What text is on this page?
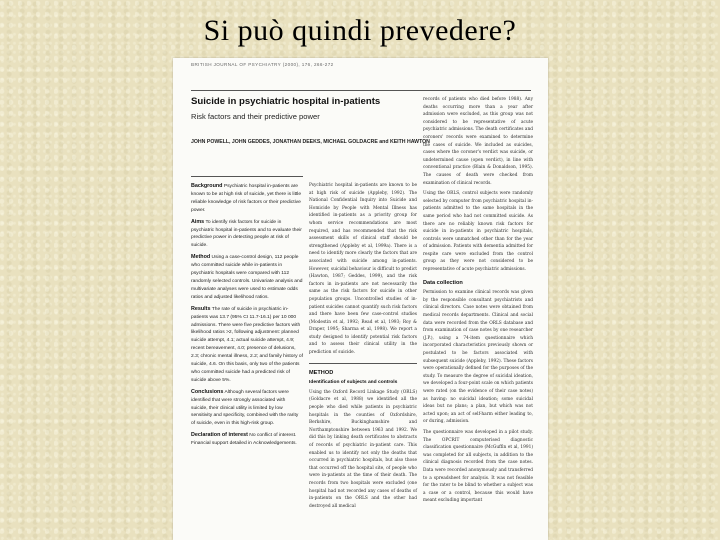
Si può quindi prevedere?
BRITISH JOURNAL OF PSYCHIATRY (2000), 176, 266-272
Suicide in psychiatric hospital in-patients
Risk factors and their predictive power
JOHN POWELL, JOHN GEDDES, JONATHAN DEEKS, MICHAEL GOLDACRE and KEITH HAWTON

Background Psychiatric hospital in-patients are known to be at high risk of suicide, yet there is little reliable knowledge of risk factors or their predictive power.

Aims To identify risk factors for suicide in psychiatric hospital in-patients and to evaluate their predictive power in detecting people at risk of suicide.

Method Using a case-control design, 112 people who committed suicide while in-patients in psychiatric hospitals were compared with 112 randomly selected controls. Univariate analysis and multivariate analyses were used to estimate odds ratios and adjusted likelihood ratios.

Results The rate of suicide in psychiatric in-patients was 13.7 (95% CI 11.7-16.1) per 10 000 admissions. There were five predictive factors with likelihood ratios >2, following adjustment: planned suicide attempt, 4.1; actual suicide attempt, 4.9; recent bereavement, 4.0; presence of delusions, 2.3; chronic mental illness, 2.2; and family history of suicide, 4.6. On this basis, only two of the patients who committed suicide had a predicted risk of suicide above 5%.

Conclusions Although several factors were identified that were strongly associated with suicide, their clinical utility is limited by low sensitivity and specificity, combined with the rarity of suicide, even in this high-risk group.

Declaration of interest No conflict of interest. Financial support detailed in Acknowledgements.

Psychiatric hospital in-patients are known to be at high risk of suicide (Appleby, 1992). The National Confidential Inquiry into Suicide and Homicide by People with Mental Illness has identified in-patients as a priority group for whom service recommendations are most required, and has recommended that the risk assessment skills of clinical staff should be strengthened (Appleby et al, 1999a). There is a need to identify more clearly the factors that are associated with suicide among in-patients. However, suicidal behaviour is difficult to predict (Hawton, 1987; Geddes, 1999), and the risk factors in in-patients are not necessarily the same as the risk factors for suicide in other population groups. Uncontrolled studies of in-patient suicides cannot quantify such risk factors and there have been few case-control studies (Modestin et al, 1992; Read et al, 1993; Roy & Draper, 1995; Sharma et al, 1998). We report a study designed to identify potential risk factors and to assess their clinical utility in the prediction of suicide.

METHOD
Identification of subjects and controls

Using the Oxford Record Linkage Study (ORLS) (Goldacre et al, 1988) we identified all the people who died while patients in psychiatric hospitals in the counties of Oxfordshire, Berkshire, Buckinghamshire and Northamptonshire between 1963 and 1992. We did this by linking death certificates to abstracts of records of psychiatric in-patient care. This enabled us to identify not only the deaths that occurred in psychiatric hospitals, but also those that occurred off the hospital site, of people who were in-patients at the time of their death. The records from two hospitals were excluded (one hospital had not recorded any cases of deaths of in-patients on the ORLS and the other had destroyed all medical

records of patients who died before 1988). Any deaths occurring more than a year after admission were excluded, as this group was not considered to be representative of acute psychiatric admissions. The death certificates and coroners' records were examined to determine the cases of suicide. We included as suicides, cases where the coroner's verdict was suicide, or undetermined cause (open verdict), in line with conventional practice (Blain & Donaldson, 1995). The causes of death were checked from examination of clinical records.

Using the ORLS, control subjects were randomly selected by computer from psychiatric hospital in-patients admitted to the same hospitals in the same period who had not committed suicide. As there are no reliably known risk factors for suicide in in-patients in psychiatric hospitals, controls were unmatched other than for the year of admission. Patients with dementia admitted for respite care were excluded from the control group as they were not considered to be representative of acute psychiatric admissions.

Data collection

Permission to examine clinical records was given by the responsible consultant psychiatrists and clinical directors. Case notes were obtained from medical records departments. Clinical and social data were recorded from the ORLS database and from examination of case notes by one researcher (J.P.), using a 74-item questionnaire which incorporated characteristics previously shown or postulated to be factors associated with subsequent suicide (Appleby, 1992). These factors were operationally defined for the purposes of the study. To measure the degree of suicidal ideation, we developed a four-point scale on which patients were rated (on the evidence of their case notes) as having: no suicidal ideation; some suicidal ideas but no plans; a plan, but which was not acted upon; an act of self-harm either leading to, or during, admission.

The questionnaire was developed in a pilot study. The OPCRIT computerised diagnostic classification questionnaire (McGuffin et al, 1991) was completed for all subjects, in addition to the clinical diagnosis recorded from the case notes. Data were recorded anonymously and transferred to a spreadsheet for analysis. It was not feasible for the rater to be blind to whether a subject was a case or a control, because this would have meant excluding important
